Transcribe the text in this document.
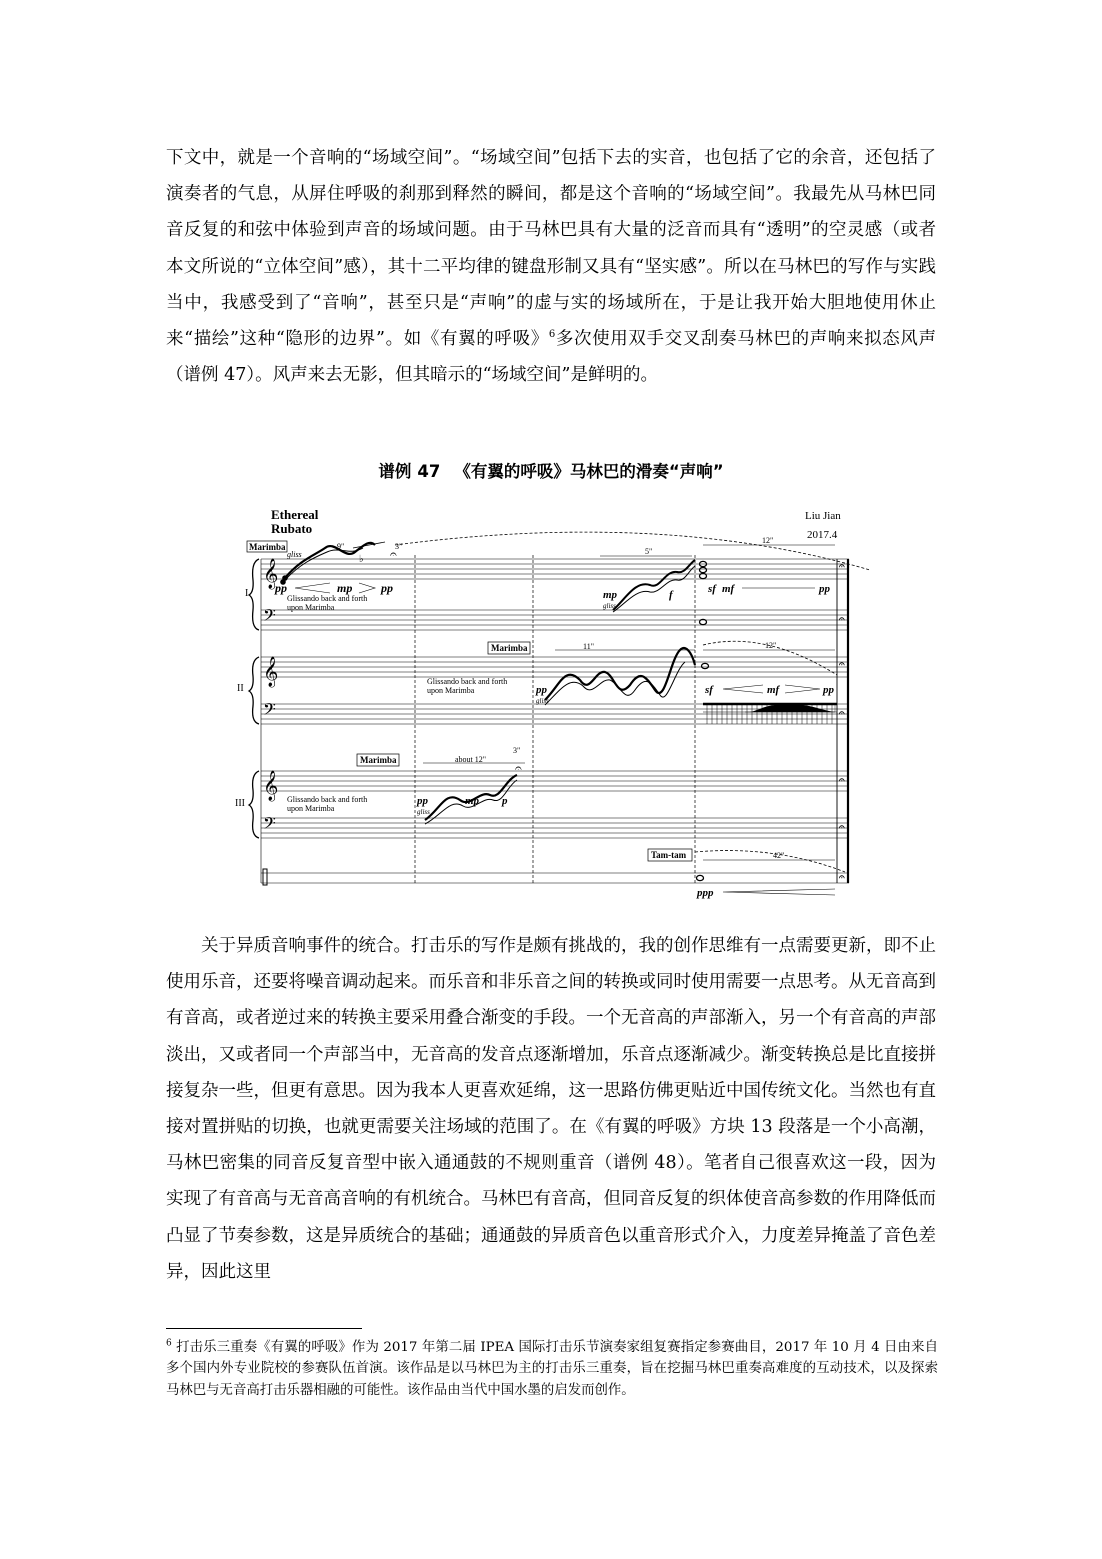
下文中，就是一个音响的“场域空间”。“场域空间”包括下去的实音，也包括了它的余音，还包括了演奏者的气息，从屏住呼吸的刹那到释然的瞬间，都是这个音响的“场域空间”。我最先从马林巴同音反复的和弦中体验到声音的场域问题。由于马林巴具有大量的泛音而具有“透明”的空灵感（或者本文所说的“立体空间”感），其十二平均律的键盘形制又具有“坚实感”。所以在马林巴的写作与实践当中，我感受到了“音响”，甚至只是“声响”的虚与实的场域所在，于是让我开始大胆地使用休止来“描绘”这种“隐形的边界”。如《有翼的呼吸》$^6$多次使用双手交叉刮奏马林巴的声响来拟态风声（谱例 47）。风声来去无影，但其暗示的“场域空间”是鲜明的。

谱例 47 《有翼的呼吸》马林巴的滑奏“声响”

Ethereal
Rubato
Liu Jian
2017.4
Marimba
Marimba
Marimba
Tam-tam
I
II
III
𝄞
𝄢
𝄞
𝄢
𝄞
𝄢
gliss
9"	3"
♭ 𝄐
pp	mp pp
Glissando back and forth
upon Marimba
5"
mp
gliss
f
12"
sf mf	pp
11"
pp
gliss
Glissando back and forth
upon Marimba
12"
sf	mf	pp
about 12"
3"
pp
gliss
mp p
𝄐
Glissando back and forth
upon Marimba
42"
ppp
𝄐
𝄐
𝄐
𝄐
𝄐
𝄐
𝄐

关于异质音响事件的统合。打击乐的写作是颇有挑战的，我的创作思维有一点需要更新，即不止使用乐音，还要将噪音调动起来。而乐音和非乐音之间的转换或同时使用需要一点思考。从无音高到有音高，或者逆过来的转换主要采用叠合渐变的手段。一个无音高的声部渐入，另一个有音高的声部淡出，又或者同一个声部当中，无音高的发音点逐渐增加，乐音点逐渐减少。渐变转换总是比直接拼接复杂一些，但更有意思。因为我本人更喜欢延绵，这一思路仿佛更贴近中国传统文化。当然也有直接对置拼贴的切换，也就更需要关注场域的范围了。在《有翼的呼吸》方块 13 段落是一个小高潮，马林巴密集的同音反复音型中嵌入通通鼓的不规则重音（谱例 48）。笔者自己很喜欢这一段，因为实现了有音高与无音高音响的有机统合。马林巴有音高，但同音反复的织体使音高参数的作用降低而凸显了节奏参数，这是异质统合的基础；通通鼓的异质音色以重音形式介入，力度差异掩盖了音色差异，因此这里

$^6$ 打击乐三重奏《有翼的呼吸》作为 2017 年第二届 IPEA 国际打击乐节演奏家组复赛指定参赛曲目，2017 年 10 月 4 日由来自多个国内外专业院校的参赛队伍首演。该作品是以马林巴为主的打击乐三重奏，旨在挖掘马林巴重奏高难度的互动技术，以及探索马林巴与无音高打击乐器相融的可能性。该作品由当代中国水墨的启发而创作。
